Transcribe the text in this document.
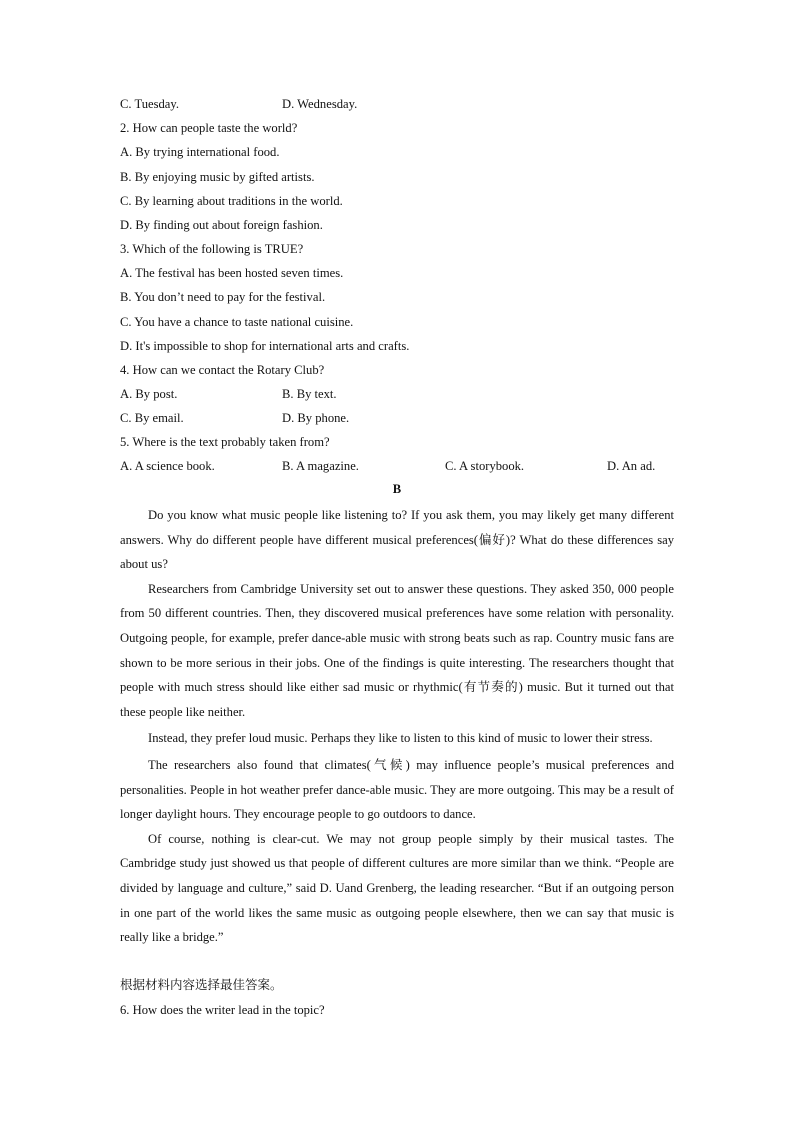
C. Tuesday.	D. Wednesday.
2. How can people taste the world?
A. By trying international food.
B. By enjoying music by gifted artists.
C. By learning about traditions in the world.
D. By finding out about foreign fashion.
3. Which of the following is TRUE?
A. The festival has been hosted seven times.
B. You don’t need to pay for the festival.
C. You have a chance to taste national cuisine.
D. It's impossible to shop for international arts and crafts.
4. How can we contact the Rotary Club?
A. By post.	B. By text.
C. By email.	D. By phone.
5. Where is the text probably taken from?
A. A science book.	B. A magazine.	C. A storybook.	D. An ad.
B

Do you know what music people like listening to? If you ask them, you may likely get many different answers. Why do different people have different musical preferences(偏好)? What do these differences say about us?

Researchers from Cambridge University set out to answer these questions. They asked 350, 000 people from 50 different countries. Then, they discovered musical preferences have some relation with personality. Outgoing people, for example, prefer dance-able music with strong beats such as rap. Country music fans are shown to be more serious in their jobs. One of the findings is quite interesting. The researchers thought that people with much stress should like either sad music or rhythmic(有节奏的) music. But it turned out that these people like neither.

Instead, they prefer loud music. Perhaps they like to listen to this kind of music to lower their stress.

The researchers also found that climates(气候) may influence people’s musical preferences and personalities. People in hot weather prefer dance-able music. They are more outgoing. This may be a result of longer daylight hours. They encourage people to go outdoors to dance.

Of course, nothing is clear-cut. We may not group people simply by their musical tastes. The Cambridge study just showed us that people of different cultures are more similar than we think. “People are divided by language and culture,” said D. Uand Grenberg, the leading researcher. “But if an outgoing person in one part of the world likes the same music as outgoing people elsewhere, then we can say that music is really like a bridge.”

根据材料内容选择最佳答案。
6. How does the writer lead in the topic?
